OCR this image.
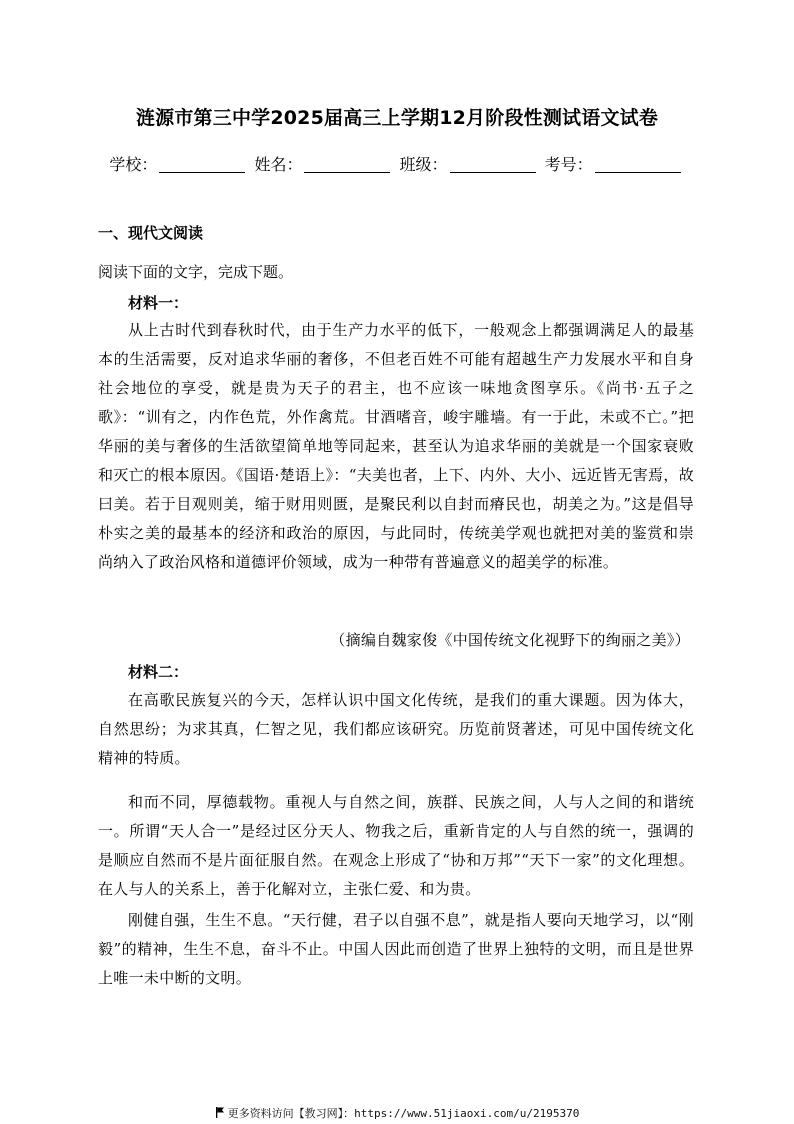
涟源市第三中学2025届高三上学期12月阶段性测试语文试卷
学校：	姓名：	班级：	考号：
一、现代文阅读
阅读下面的文字，完成下题。
材料一：
从上古时代到春秋时代，由于生产力水平的低下，一般观念上都强调满足人的最基本的生活需要，反对追求华丽的奢侈，不但老百姓不可能有超越生产力发展水平和自身社会地位的享受，就是贵为天子的君主，也不应该一味地贪图享乐。《尚书·五子之歌》：“训有之，内作色荒，外作禽荒。甘酒嗜音，峻宇雕墙。有一于此，未或不亡。”把华丽的美与奢侈的生活欲望简单地等同起来，甚至认为追求华丽的美就是一个国家衰败和灭亡的根本原因。《国语·楚语上》：“夫美也者，上下、内外、大小、远近皆无害焉，故曰美。若于目观则美，缩于财用则匮，是聚民利以自封而瘠民也，胡美之为。”这是倡导朴实之美的最基本的经济和政治的原因，与此同时，传统美学观也就把对美的鉴赏和崇尚纳入了政治风格和道德评价领域，成为一种带有普遍意义的超美学的标准。
（摘编自魏家俊《中国传统文化视野下的绚丽之美》）
材料二：
在高歌民族复兴的今天，怎样认识中国文化传统，是我们的重大课题。因为体大，自然思纷；为求其真，仁智之见，我们都应该研究。历览前贤著述，可见中国传统文化精神的特质。
和而不同，厚德载物。重视人与自然之间，族群、民族之间，人与人之间的和谐统一。所谓“天人合一”是经过区分天人、物我之后，重新肯定的人与自然的统一，强调的是顺应自然而不是片面征服自然。在观念上形成了“协和万邦”“天下一家”的文化理想。在人与人的关系上，善于化解对立，主张仁爱、和为贵。
刚健自强，生生不息。“天行健，君子以自强不息”，就是指人要向天地学习，以“刚毅”的精神，生生不息，奋斗不止。中国人因此而创造了世界上独特的文明，而且是世界上唯一未中断的文明。
更多资料访问【教习网】：https://www.51jiaoxi.com/u/2195370
